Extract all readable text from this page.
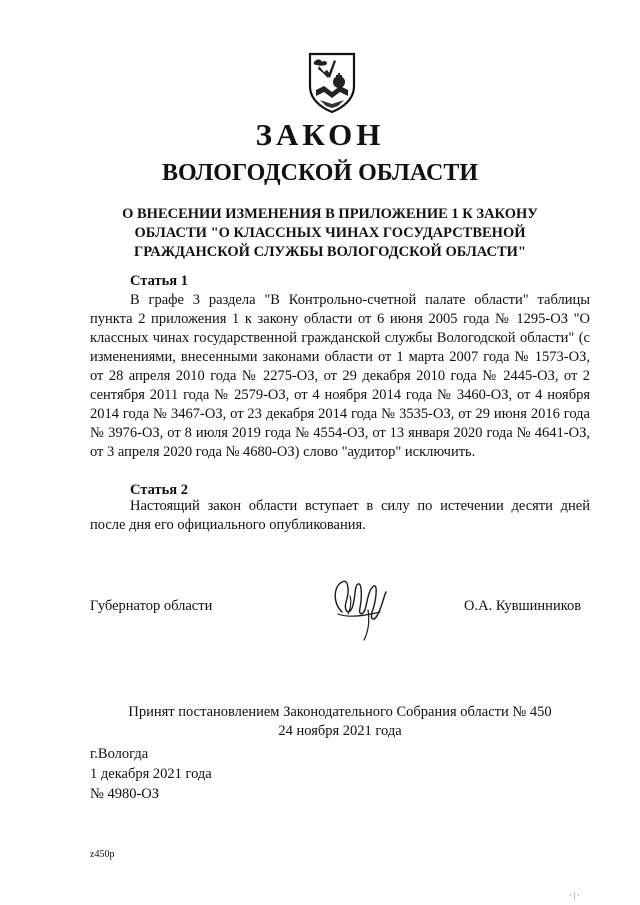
ЗАКОН
ВОЛОГОДСКОЙ ОБЛАСТИ
О ВНЕСЕНИИ ИЗМЕНЕНИЯ В ПРИЛОЖЕНИЕ 1 К ЗАКОНУ ОБЛАСТИ "О КЛАССНЫХ ЧИНАХ ГОСУДАРСТВЕНОЙ ГРАЖДАНСКОЙ СЛУЖБЫ ВОЛОГОДСКОЙ ОБЛАСТИ"
Статья 1
В графе 3 раздела "В Контрольно-счетной палате области" таблицы пункта 2 приложения 1 к закону области от 6 июня 2005 года № 1295-ОЗ "О классных чинах государственной гражданской службы Вологодской области" (с изменениями, внесенными законами области от 1 марта 2007 года № 1573-ОЗ, от 28 апреля 2010 года № 2275-ОЗ, от 29 декабря 2010 года № 2445-ОЗ, от 2 сентября 2011 года № 2579-ОЗ, от 4 ноября 2014 года № 3460-ОЗ, от 4 ноября 2014 года № 3467-ОЗ, от 23 декабря 2014 года № 3535-ОЗ, от 29 июня 2016 года № 3976-ОЗ, от 8 июля 2019 года № 4554-ОЗ, от 13 января 2020 года № 4641-ОЗ, от 3 апреля 2020 года № 4680-ОЗ) слово "аудитор" исключить.
Статья 2
Настоящий закон области вступает в силу по истечении десяти дней после дня его официального опубликования.
Губернатор области	О.А. Кувшинников
Принят постановлением Законодательного Собрания области № 450
24 ноября 2021 года
г.Вологда
1 декабря 2021 года
№ 4980-ОЗ
z450p
· | ·
